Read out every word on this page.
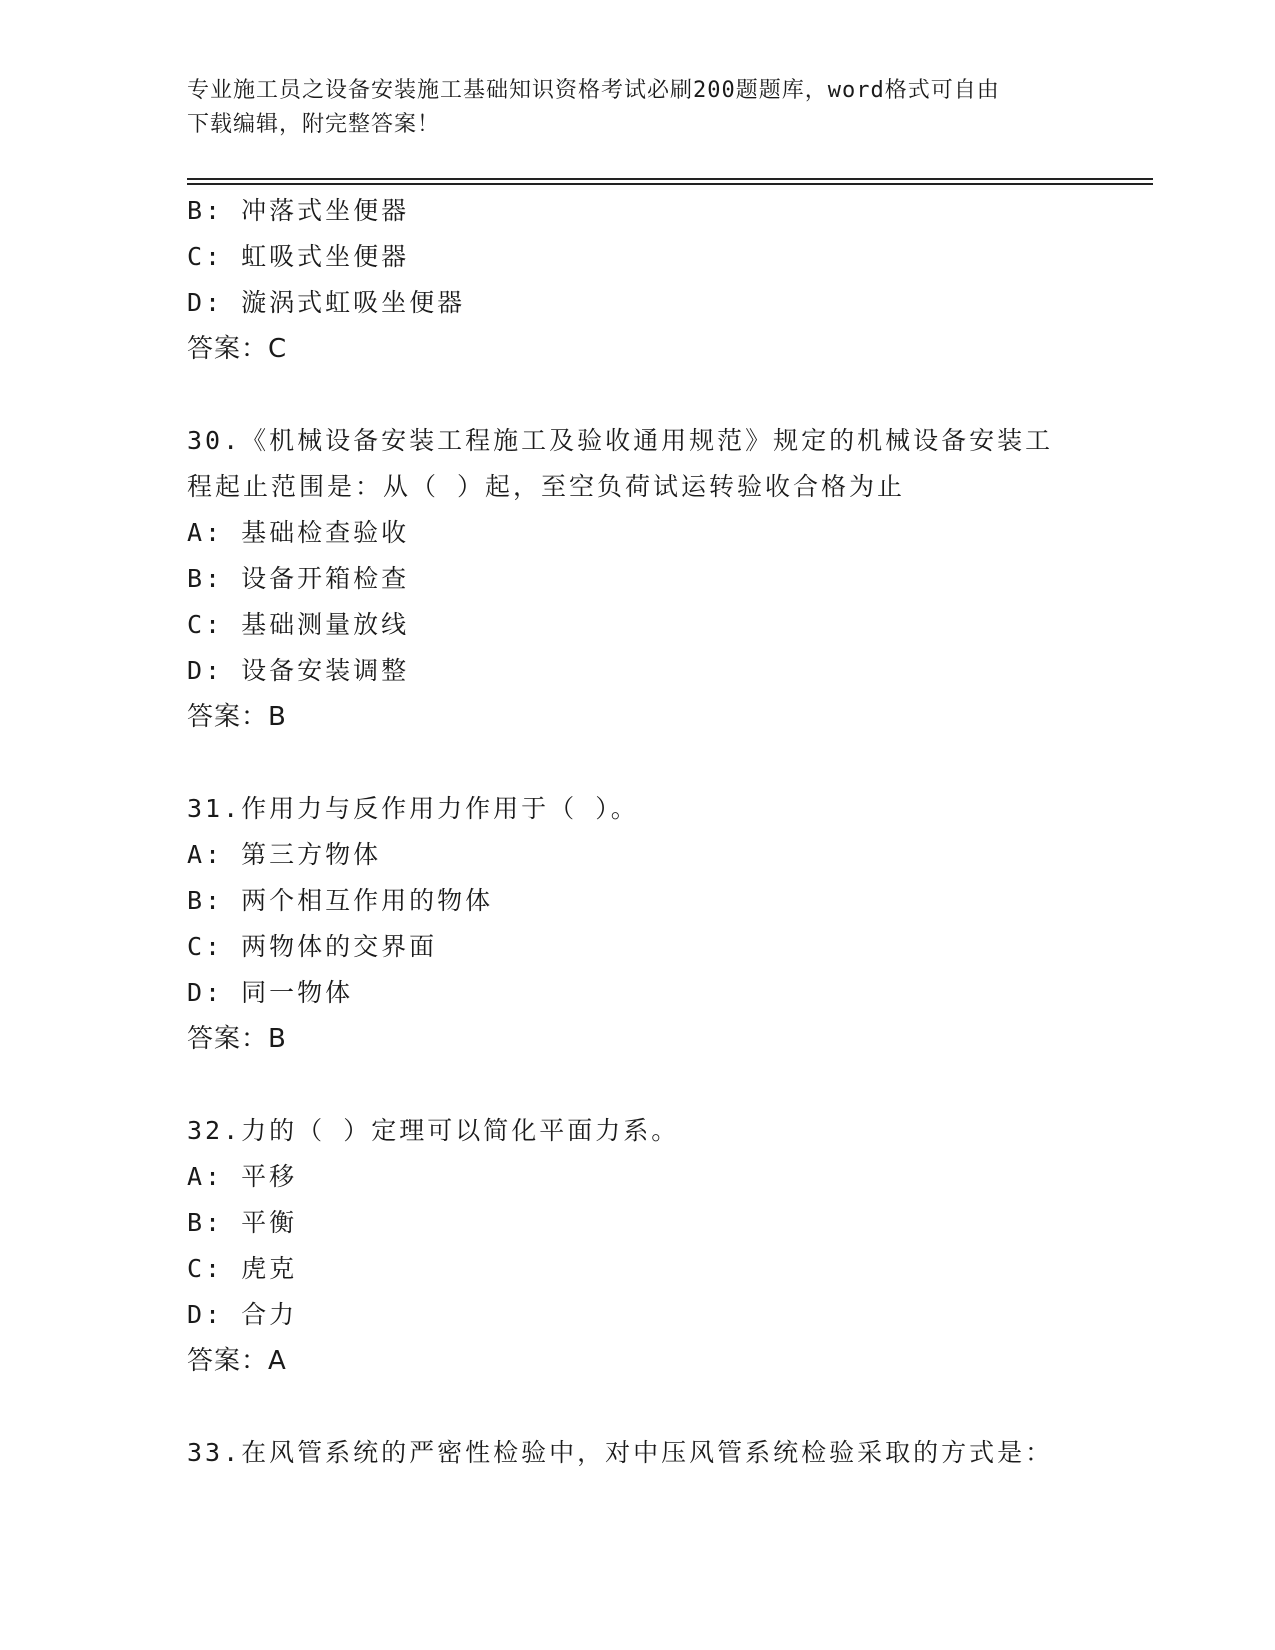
专业施工员之设备安装施工基础知识资格考试必刷200题题库，word格式可自由
下载编辑，附完整答案！
B: 冲落式坐便器
C: 虹吸式坐便器
D: 漩涡式虹吸坐便器
答案：C
30.《机械设备安装工程施工及验收通用规范》规定的机械设备安装工
程起止范围是：从（ ）起，至空负荷试运转验收合格为止
A: 基础检查验收
B: 设备开箱检查
C: 基础测量放线
D: 设备安装调整
答案：B
31.作用力与反作用力作用于（ ）。
A: 第三方物体
B: 两个相互作用的物体
C: 两物体的交界面
D: 同一物体
答案：B
32.力的（ ）定理可以简化平面力系。
A: 平移
B: 平衡
C: 虎克
D: 合力
答案：A
33.在风管系统的严密性检验中，对中压风管系统检验采取的方式是：
